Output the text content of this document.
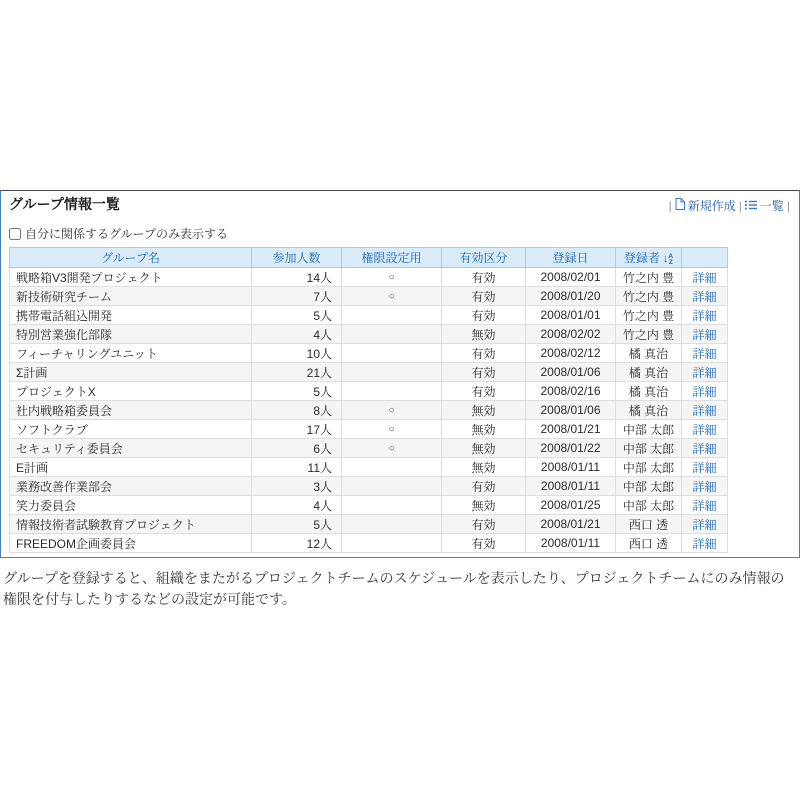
グループ情報一覧	| 新規作成 | 一覧 |
自分に関係するグループのみ表示する
グループ名	参加人数	権限設定用	有効区分	登録日	登録者 ↓ A
Z	

戦略箱V3開発プロジェクト	14人	○	有効	2008/02/01	竹之内 豊	詳細
新技術研究チーム	7人	○	有効	2008/01/20	竹之内 豊	詳細
携帯電話組込開発	5人		有効	2008/01/01	竹之内 豊	詳細
特別営業強化部隊	4人		無効	2008/02/02	竹之内 豊	詳細
フィーチャリングユニット	10人		有効	2008/02/12	橘 真治	詳細
Σ計画	21人		有効	2008/01/06	橘 真治	詳細
プロジェクトX	5人		有効	2008/02/16	橘 真治	詳細
社内戦略箱委員会	8人	○	無効	2008/01/06	橘 真治	詳細
ソフトクラブ	17人	○	無効	2008/01/21	中部 太郎	詳細
セキュリティ委員会	6人	○	無効	2008/01/22	中部 太郎	詳細
E計画	11人		無効	2008/01/11	中部 太郎	詳細
業務改善作業部会	3人		有効	2008/01/11	中部 太郎	詳細
笑力委員会	4人		無効	2008/01/25	中部 太郎	詳細
情報技術者試験教育プロジェクト	5人		有効	2008/01/21	西口 透	詳細
FREEDOM企画委員会	12人		有効	2008/01/11	西口 透	詳細

グループを登録すると、組織をまたがるプロジェクトチームのスケジュールを表示したり、プロジェクトチームにのみ情報の権限を付与したりするなどの設定が可能です。
